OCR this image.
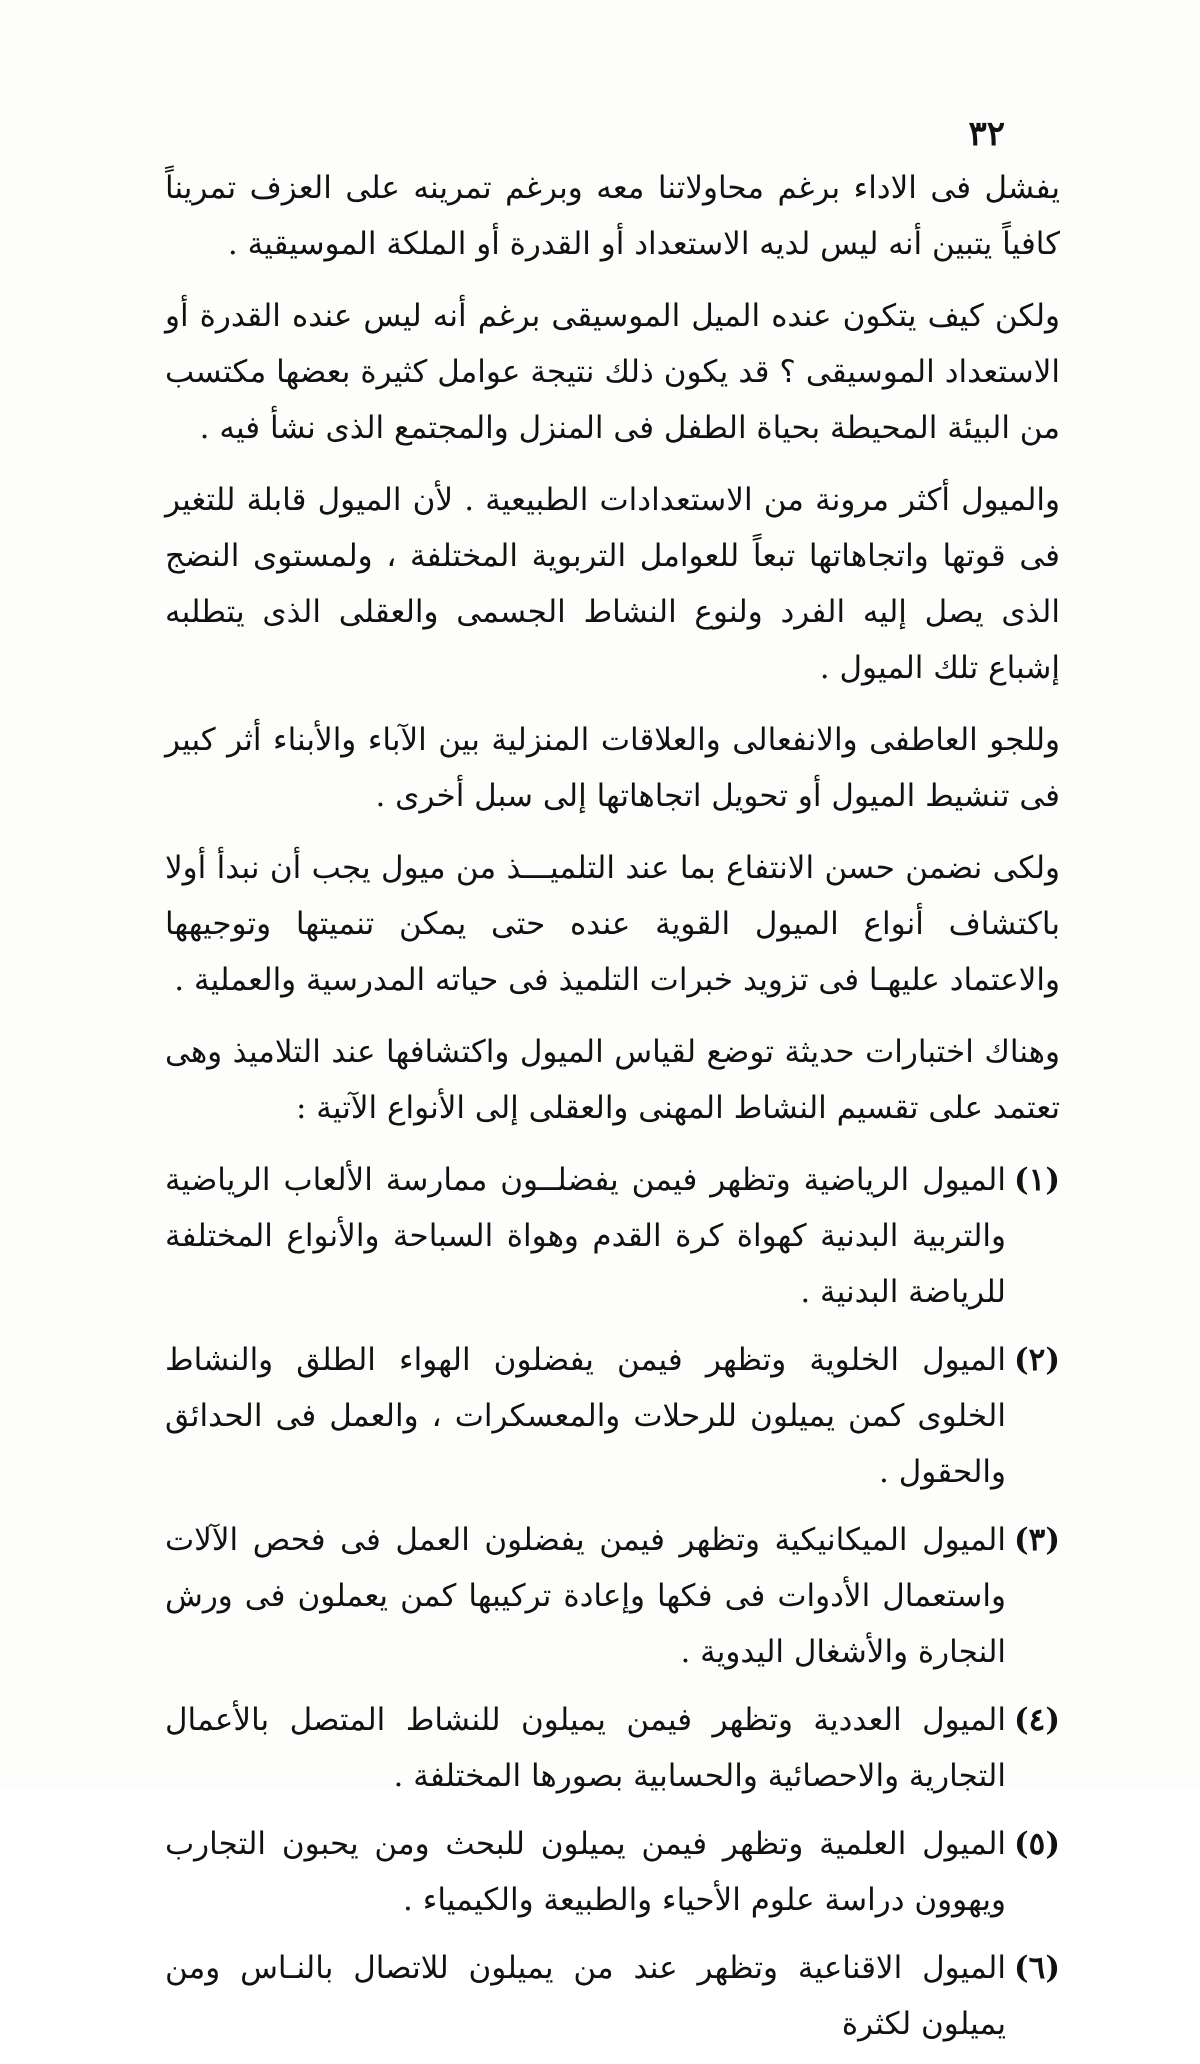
٣٢

يفشل فى الاداء برغم محاولاتنا معه وبرغم تمرينه على العزف تمريناً كافياً يتبين أنه ليس لديه الاستعداد أو القدرة أو الملكة الموسيقية .

ولكن كيف يتكون عنده الميل الموسيقى برغم أنه ليس عنده القدرة أو الاستعداد الموسيقى ؟ قد يكون ذلك نتيجة عوامل كثيرة بعضها مكتسب من البيئة المحيطة بحياة الطفل فى المنزل والمجتمع الذى نشأ فيه .

والميول أكثر مرونة من الاستعدادات الطبيعية . لأن الميول قابلة للتغير فى قوتها واتجاهاتها تبعاً للعوامل التربوية المختلفة ، ولمستوى النضج الذى يصل إليه الفرد ولنوع النشاط الجسمى والعقلى الذى يتطلبه إشباع تلك الميول .

وللجو العاطفى والانفعالى والعلاقات المنزلية بين الآباء والأبناء أثر كبير فى تنشيط الميول أو تحويل اتجاهاتها إلى سبل أخرى .

ولكى نضمن حسن الانتفاع بما عند التلميـــذ من ميول يجب أن نبدأ أولا باكتشاف أنواع الميول القوية عنده حتى يمكن تنميتها وتوجيهها والاعتماد عليهـا فى تزويد خبرات التلميذ فى حياته المدرسية والعملية .

وهناك اختبارات حديثة توضع لقياس الميول واكتشافها عند التلاميذ وهى تعتمد على تقسيم النشاط المهنى والعقلى إلى الأنواع الآتية :

(١)
الميول الرياضية وتظهر فيمن يفضلــون ممارسة الألعاب الرياضية والتربية البدنية كهواة كرة القدم وهواة السباحة والأنواع المختلفة للرياضة البدنية .
(٢)
الميول الخلوية وتظهر فيمن يفضلون الهواء الطلق والنشاط الخلوى كمن يميلون للرحلات والمعسكرات ، والعمل فى الحدائق والحقول .
(٣)
الميول الميكانيكية وتظهر فيمن يفضلون العمل فى فحص الآلات واستعمال الأدوات فى فكها وإعادة تركيبها كمن يعملون فى ورش النجارة والأشغال اليدوية .
(٤)
الميول العددية وتظهر فيمن يميلون للنشاط المتصل بالأعمال التجارية والاحصائية والحسابية بصورها المختلفة .
(٥)
الميول العلمية وتظهر فيمن يميلون للبحث ومن يحبون التجارب ويهوون دراسة علوم الأحياء والطبيعة والكيمياء .
(٦)
الميول الاقناعية وتظهر عند من يميلون للاتصال بالنـاس ومن يميلون لكثرة
